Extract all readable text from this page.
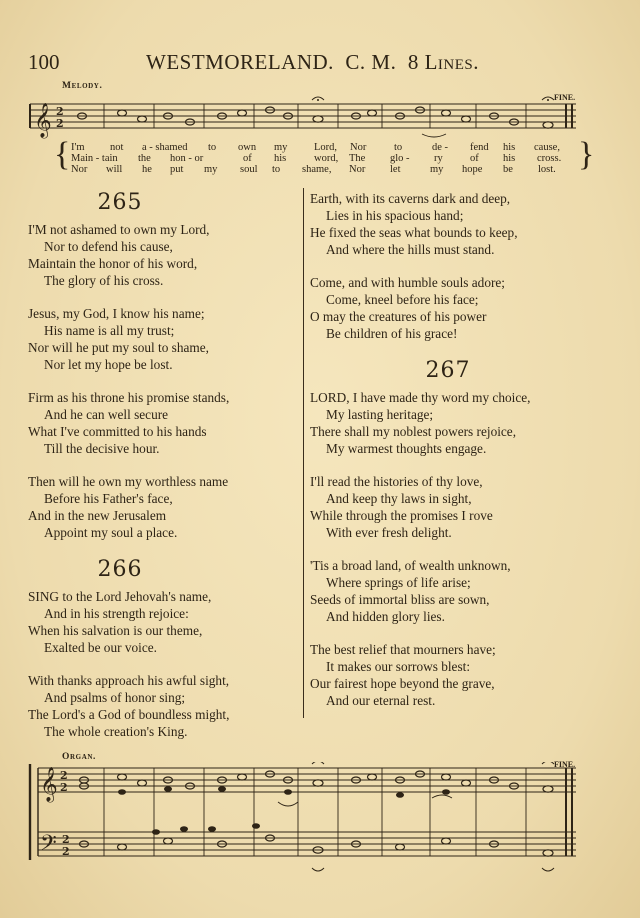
100	WESTMORELAND. C. M. 8 Lines.
Melody.
FINE.
𝄞 2
2
{	}
I'm not a - shamed to own my	Lord, Nor	to	de - fend his cause,
Main - tain the hon - or	of his	word, The glo - ry	of his cross.
Nor will he put my soul to shame, Nor let	my hope be lost.
265
I'M not ashamed to own my Lord,
Nor to defend his cause,
Maintain the honor of his word,
The glory of his cross.
Jesus, my God, I know his name;
His name is all my trust;
Nor will he put my soul to shame,
Nor let my hope be lost.
Firm as his throne his promise stands,
And he can well secure
What I've committed to his hands
Till the decisive hour.
Then will he own my worthless name
Before his Father's face,
And in the new Jerusalem
Appoint my soul a place.
266
SING to the Lord Jehovah's name,
And in his strength rejoice:
When his salvation is our theme,
Exalted be our voice.
With thanks approach his awful sight,
And psalms of honor sing;
The Lord's a God of boundless might,
The whole creation's King.
Earth, with its caverns dark and deep,
Lies in his spacious hand;
He fixed the seas what bounds to keep,
And where the hills must stand.
Come, and with humble souls adore;
Come, kneel before his face;
O may the creatures of his power
Be children of his grace!
267
LORD, I have made thy word my choice,
My lasting heritage;
There shall my noblest powers rejoice,
My warmest thoughts engage.
I'll read the histories of thy love,
And keep thy laws in sight,
While through the promises I rove
With ever fresh delight.
'Tis a broad land, of wealth unknown,
Where springs of life arise;
Seeds of immortal bliss are sown,
And hidden glory lies.
The best relief that mourners have;
It makes our sorrows blest:
Our fairest hope beyond the grave,
And our eternal rest.
Organ.
FINE.
𝄞
𝄢
2
2
2
2
